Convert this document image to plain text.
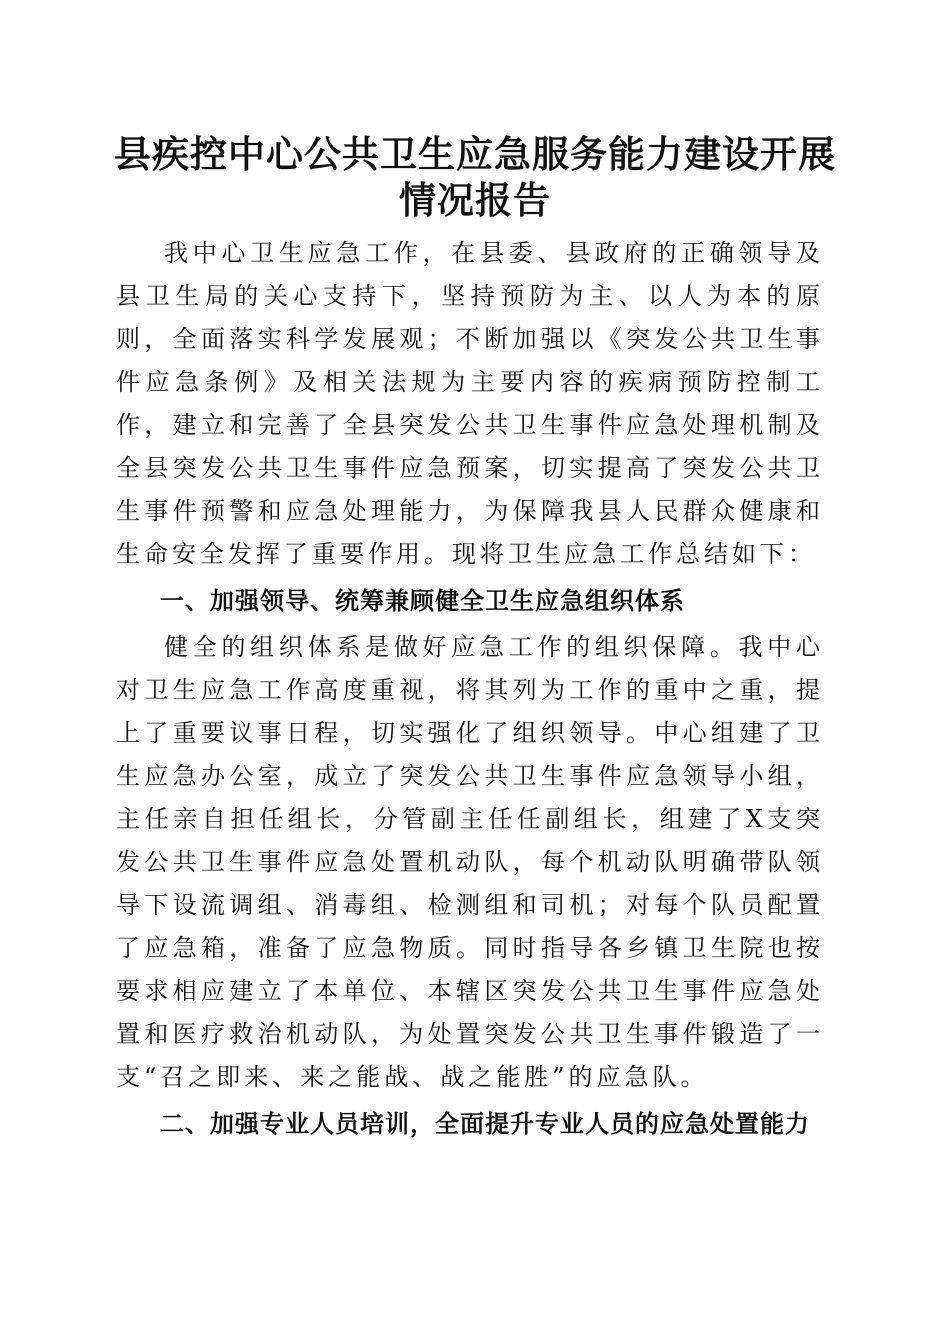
县疾控中心公共卫生应急服务能力建设开展情况报告

我中心卫生应急工作，在县委、县政府的正确领导及县卫生局的关心支持下，坚持预防为主、以人为本的原则，全面落实科学发展观；不断加强以《突发公共卫生事件应急条例》及相关法规为主要内容的疾病预防控制工作，建立和完善了全县突发公共卫生事件应急处理机制及全县突发公共卫生事件应急预案，切实提高了突发公共卫生事件预警和应急处理能力，为保障我县人民群众健康和生命安全发挥了重要作用。现将卫生应急工作总结如下：

一、加强领导、统筹兼顾健全卫生应急组织体系

健全的组织体系是做好应急工作的组织保障。我中心对卫生应急工作高度重视，将其列为工作的重中之重，提上了重要议事日程，切实强化了组织领导。中心组建了卫生应急办公室，成立了突发公共卫生事件应急领导小组，主任亲自担任组长，分管副主任任副组长，组建了X支突发公共卫生事件应急处置机动队，每个机动队明确带队领导下设流调组、消毒组、检测组和司机；对每个队员配置了应急箱，准备了应急物质。同时指导各乡镇卫生院也按要求相应建立了本单位、本辖区突发公共卫生事件应急处置和医疗救治机动队，为处置突发公共卫生事件锻造了一支“召之即来、来之能战、战之能胜”的应急队。

二、加强专业人员培训，全面提升专业人员的应急处置能力
